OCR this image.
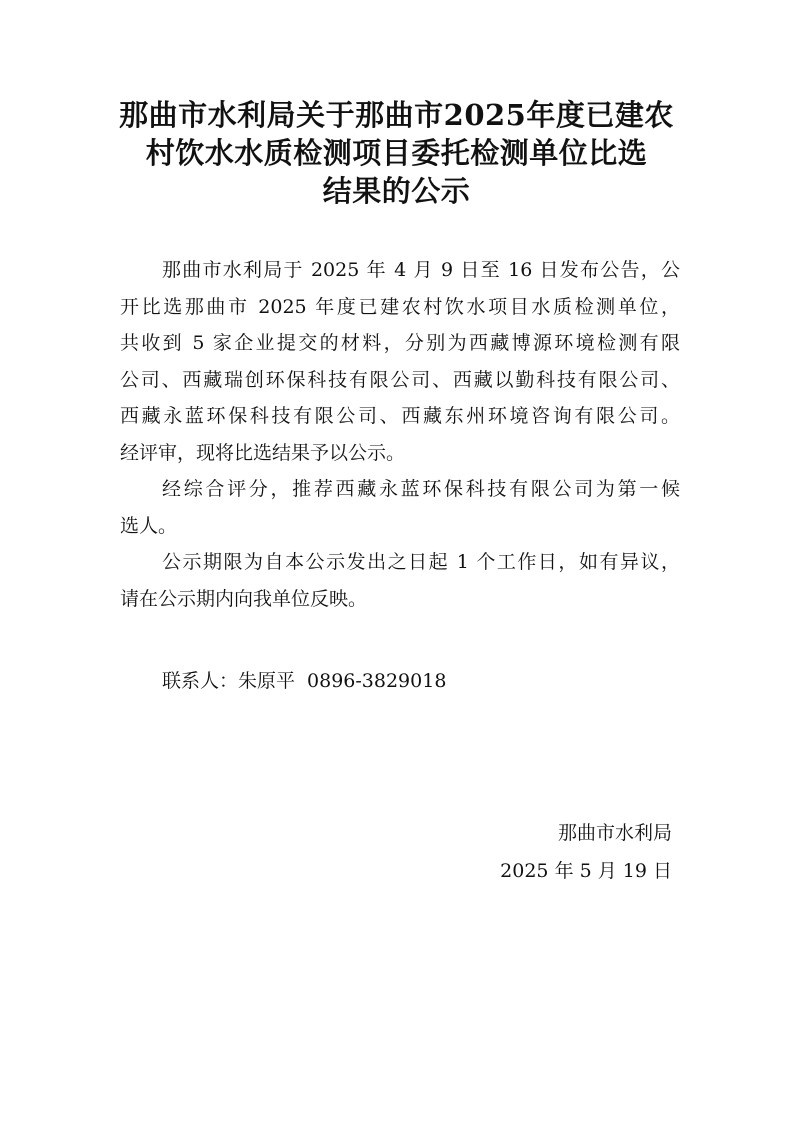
那曲市水利局关于那曲市2025年度已建农
村饮水水质检测项目委托检测单位比选
结果的公示
那曲市水利局于 2025 年 4 月 9 日至 16 日发布公告，公
开比选那曲市 2025 年度已建农村饮水项目水质检测单位，
共收到 5 家企业提交的材料，分别为西藏博源环境检测有限
公司、西藏瑞创环保科技有限公司、西藏以勤科技有限公司、
西藏永蓝环保科技有限公司、西藏东州环境咨询有限公司。
经评审，现将比选结果予以公示。
经综合评分，推荐西藏永蓝环保科技有限公司为第一候
选人。
公示期限为自本公示发出之日起 1 个工作日，如有异议，
请在公示期内向我单位反映。
联系人：朱原平 0896-3829018
那曲市水利局
2025 年 5 月 19 日
